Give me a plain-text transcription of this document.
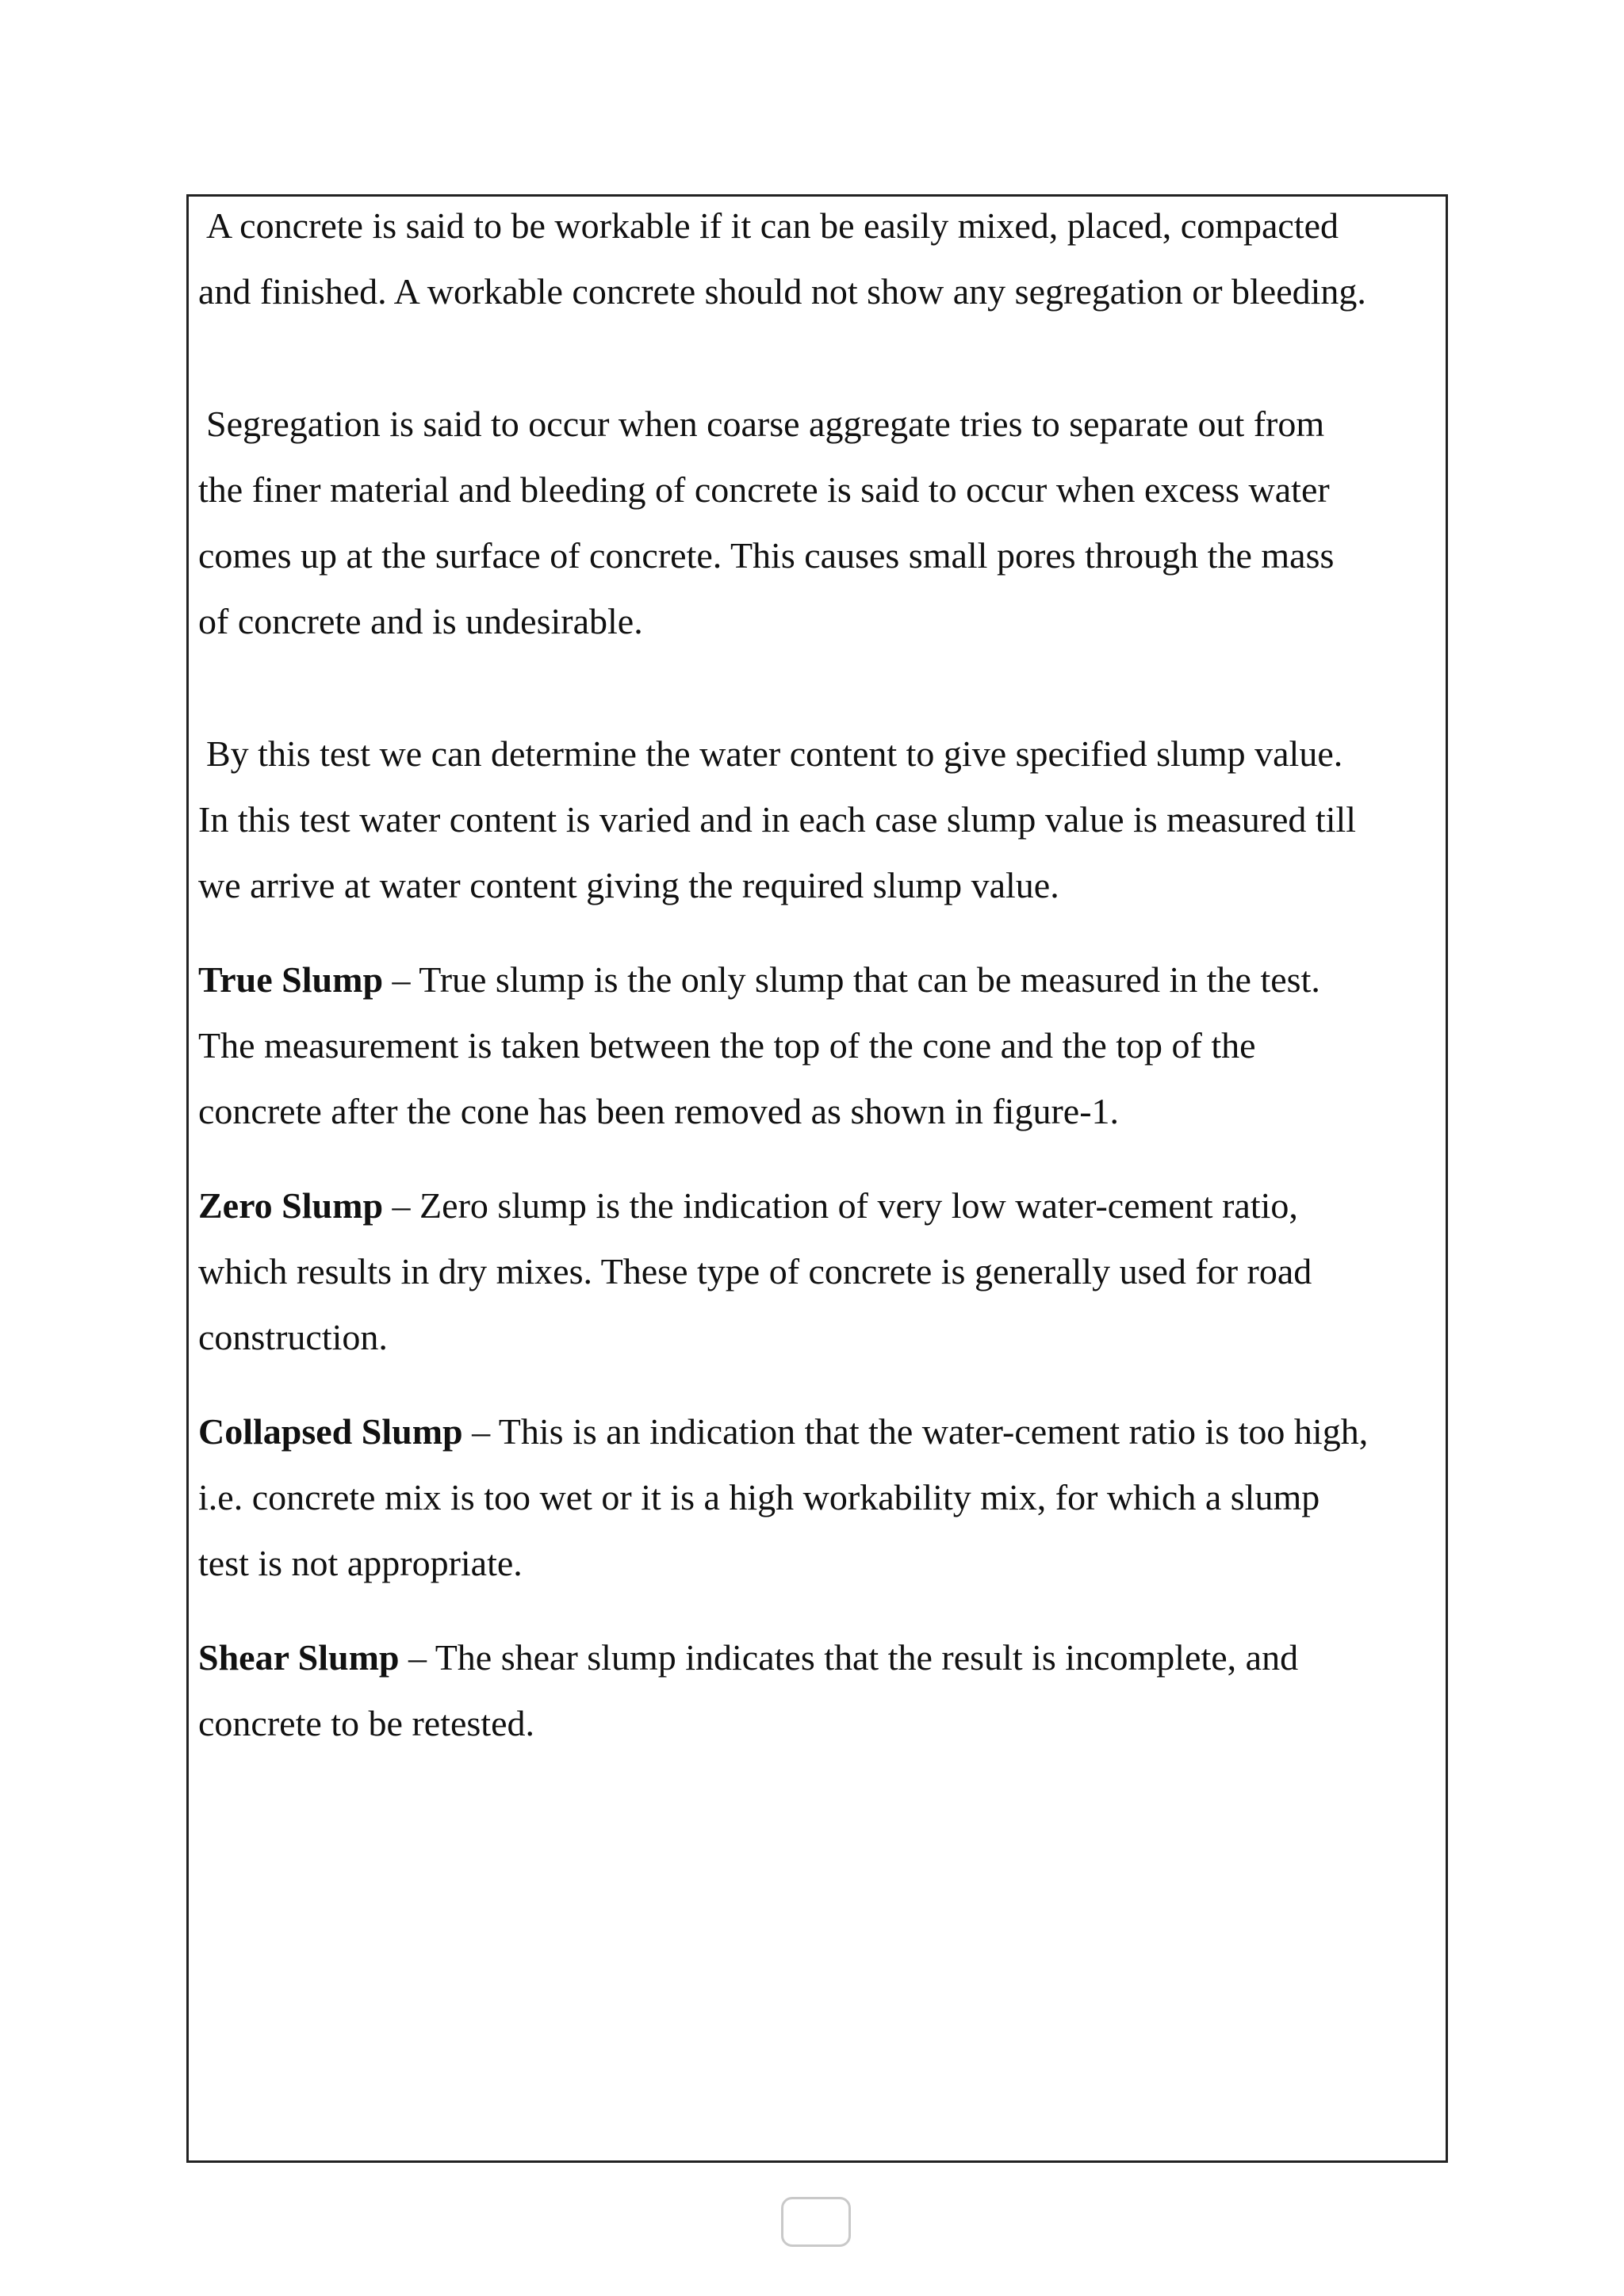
A concrete is said to be workable if it can be easily mixed, placed, compacted
and finished. A workable concrete should not show any segregation or bleeding.

Segregation is said to occur when coarse aggregate tries to separate out from
the finer material and bleeding of concrete is said to occur when excess water
comes up at the surface of concrete. This causes small pores through the mass
of concrete and is undesirable.

By this test we can determine the water content to give specified slump value.
In this test water content is varied and in each case slump value is measured till
we arrive at water content giving the required slump value.

True Slump – True slump is the only slump that can be measured in the test.
The measurement is taken between the top of the cone and the top of the
concrete after the cone has been removed as shown in figure-1.

Zero Slump – Zero slump is the indication of very low water-cement ratio,
which results in dry mixes. These type of concrete is generally used for road
construction.

Collapsed Slump – This is an indication that the water-cement ratio is too high,
i.e. concrete mix is too wet or it is a high workability mix, for which a slump
test is not appropriate.

Shear Slump – The shear slump indicates that the result is incomplete, and
concrete to be retested.
